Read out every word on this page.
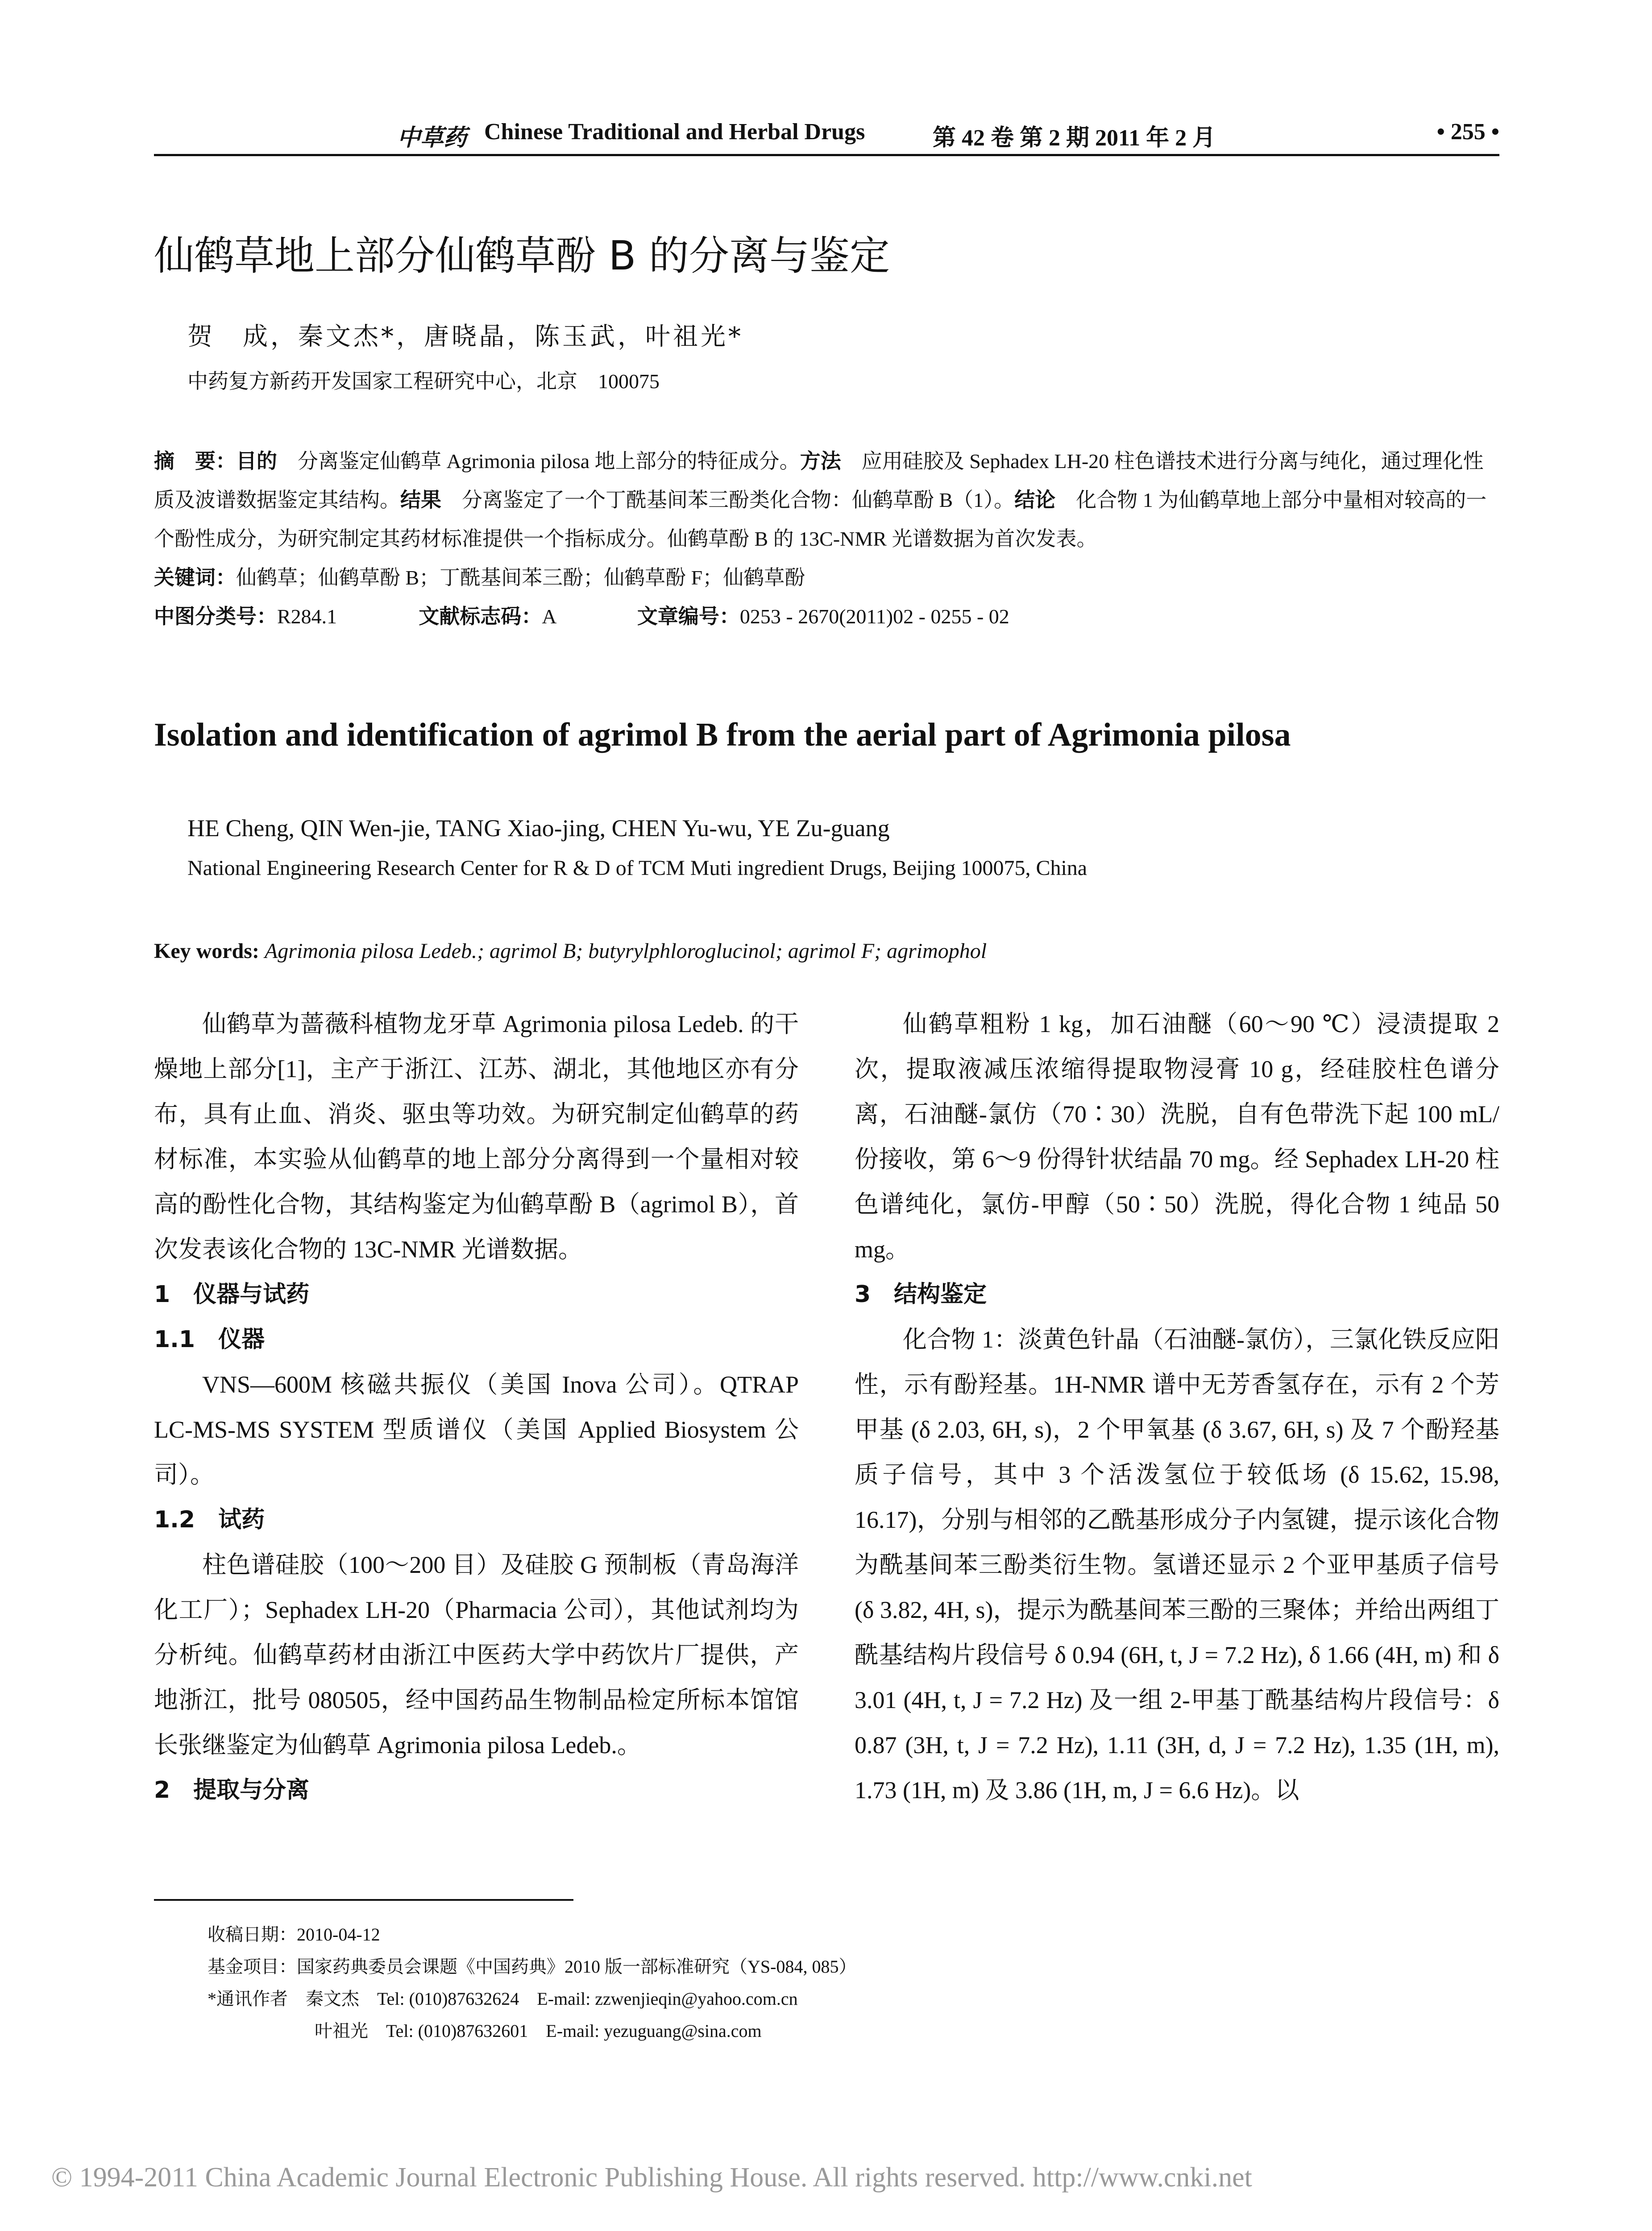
中草药 Chinese Traditional and Herbal Drugs	第 42 卷 第 2 期 2011 年 2 月	• 255 •
仙鹤草地上部分仙鹤草酚 B 的分离与鉴定
贺　成，秦文杰*，唐晓晶，陈玉武，叶祖光*
中药复方新药开发国家工程研究中心，北京　100075

摘　要：目的　 分离鉴定仙鹤草 Agrimonia pilosa 地上部分的特征成分。方法　 应用硅胶及 Sephadex LH-20 柱色谱技术进行分离与纯化，通过理化性质及波谱数据鉴定其结构。结果　 分离鉴定了一个丁酰基间苯三酚类化合物：仙鹤草酚 B（1）。结论　 化合物 1 为仙鹤草地上部分中量相对较高的一个酚性成分，为研究制定其药材标准提供一个指标成分。仙鹤草酚 B 的 13C-NMR 光谱数据为首次发表。

关键词：仙鹤草；仙鹤草酚 B；丁酰基间苯三酚；仙鹤草酚 F；仙鹤草酚

中图分类号：R284.1	文献标志码：A	文章编号：0253 - 2670(2011)02 - 0255 - 02

Isolation and identification of agrimol B from the aerial part of Agrimonia pilosa
HE Cheng, QIN Wen-jie, TANG Xiao-jing, CHEN Yu-wu, YE Zu-guang
National Engineering Research Center for R & D of TCM Muti ingredient Drugs, Beijing 100075, China
Key words: Agrimonia pilosa Ledeb.; agrimol B; butyrylphloroglucinol; agrimol F; agrimophol

仙鹤草为蔷薇科植物龙牙草 Agrimonia pilosa Ledeb. 的干燥地上部分[1]，主产于浙江、江苏、湖北，其他地区亦有分布，具有止血、消炎、驱虫等功效。为研究制定仙鹤草的药材标准，本实验从仙鹤草的地上部分分离得到一个量相对较高的酚性化合物，其结构鉴定为仙鹤草酚 B（agrimol B），首次发表该化合物的 13C-NMR 光谱数据。

1　仪器与试药
1.1　仪器

VNS—600M 核磁共振仪（美国 Inova 公司）。QTRAP LC-MS-MS SYSTEM 型质谱仪（美国 Applied Biosystem 公司）。

1.2　试药

柱色谱硅胶（100～200 目）及硅胶 G 预制板（青岛海洋化工厂）；Sephadex LH-20（Pharmacia 公司），其他试剂均为分析纯。仙鹤草药材由浙江中医药大学中药饮片厂提供，产地浙江，批号 080505，经中国药品生物制品检定所标本馆馆长张继鉴定为仙鹤草 Agrimonia pilosa Ledeb.。

2　提取与分离

仙鹤草粗粉 1 kg，加石油醚（60～90 ℃）浸渍提取 2 次，提取液减压浓缩得提取物浸膏 10 g，经硅胶柱色谱分离，石油醚-氯仿（70∶30）洗脱，自有色带洗下起 100 mL/份接收，第 6～9 份得针状结晶 70 mg。经 Sephadex LH-20 柱色谱纯化，氯仿-甲醇（50∶50）洗脱，得化合物 1 纯品 50 mg。

3　结构鉴定

化合物 1：淡黄色针晶（石油醚-氯仿），三氯化铁反应阳性，示有酚羟基。1H-NMR 谱中无芳香氢存在，示有 2 个芳甲基 (δ 2.03, 6H, s)，2 个甲氧基 (δ 3.67, 6H, s) 及 7 个酚羟基质子信号，其中 3 个活泼氢位于较低场 (δ 15.62, 15.98, 16.17)，分别与相邻的乙酰基形成分子内氢键，提示该化合物为酰基间苯三酚类衍生物。氢谱还显示 2 个亚甲基质子信号 (δ 3.82, 4H, s)，提示为酰基间苯三酚的三聚体；并给出两组丁酰基结构片段信号 δ 0.94 (6H, t, J = 7.2 Hz), δ 1.66 (4H, m) 和 δ 3.01 (4H, t, J = 7.2 Hz) 及一组 2-甲基丁酰基结构片段信号：δ 0.87 (3H, t, J = 7.2 Hz), 1.11 (3H, d, J = 7.2 Hz), 1.35 (1H, m), 1.73 (1H, m) 及 3.86 (1H, m, J = 6.6 Hz)。以

收稿日期：2010-04-12
基金项目：国家药典委员会课题《中国药典》2010 版一部标准研究（YS-084, 085）
*通讯作者　秦文杰　Tel: (010)87632624　E-mail: zzwenjieqin@yahoo.com.cn
　　　　　　叶祖光　Tel: (010)87632601　E-mail: yezuguang@sina.com
© 1994-2011 China Academic Journal Electronic Publishing House. All rights reserved. http://www.cnki.net
